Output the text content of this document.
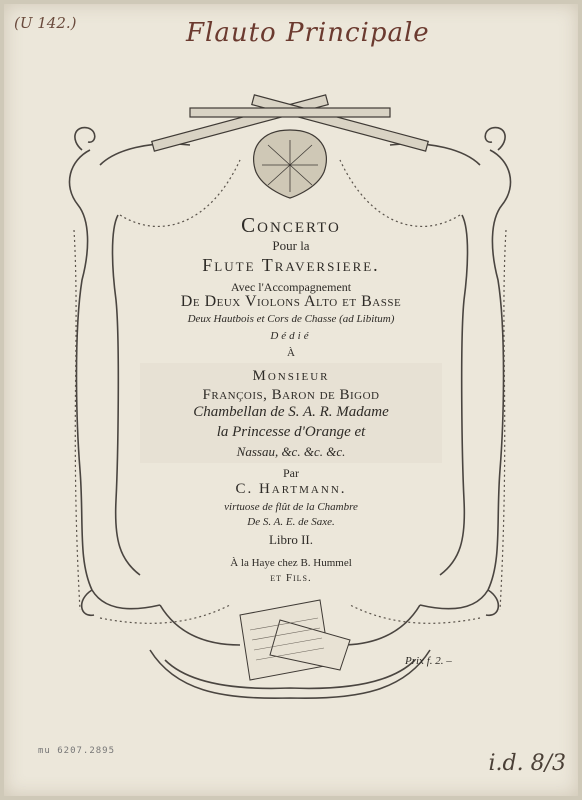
(U 142.)	Flauto Principale
i.d. 8/3
mu 6207.2895
Concerto
Pour la
Flute Traversiere.
Avec l'Accompagnement
De Deux Violons Alto et Basse
Deux Hautbois et Cors de Chasse (ad Libitum)
Dédié
À
Monsieur
François, Baron de Bigod
Chambellan de S. A. R. Madame
la Princesse d'Orange et
Nassau, &c. &c. &c.
Par
C. Hartmann.
virtuose de flût de la Chambre
De S. A. E. de Saxe.
Libro II.
À la Haye chez B. Hummel
et Fils.
Prix f. 2. –
